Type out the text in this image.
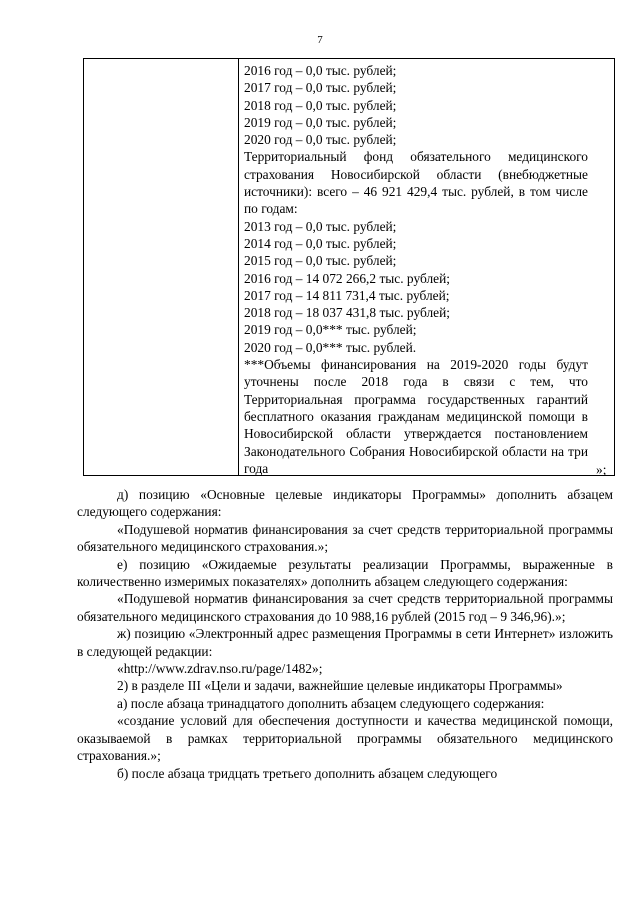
7

2016 год – 0,0 тыс. рублей;

2017 год – 0,0 тыс. рублей;

2018 год – 0,0 тыс. рублей;

2019 год – 0,0 тыс. рублей;

2020 год – 0,0 тыс. рублей;

Территориальный фонд обязательного медицинского страхования Новосибирской области (внебюджетные источники): всего – 46 921 429,4 тыс. рублей, в том числе по годам:

2013 год – 0,0 тыс. рублей;

2014 год – 0,0 тыс. рублей;

2015 год – 0,0 тыс. рублей;

2016 год – 14 072 266,2 тыс. рублей;

2017 год – 14 811 731,4 тыс. рублей;

2018 год – 18 037 431,8 тыс. рублей;

2019 год – 0,0*** тыс. рублей;

2020 год – 0,0*** тыс. рублей.

***Объемы финансирования на 2019-2020 годы будут уточнены после 2018 года в связи с тем, что Территориальная программа государственных гарантий бесплатного оказания гражданам медицинской помощи в Новосибирской области утверждается постановлением Законодательного Собрания Новосибирской области на три года	»;

д) позицию «Основные целевые индикаторы Программы» дополнить абзацем следующего содержания:

«Подушевой норматив финансирования за счет средств территориальной программы обязательного медицинского страхования.»;

е) позицию «Ожидаемые результаты реализации Программы, выраженные в количественно измеримых показателях» дополнить абзацем следующего содержания:

«Подушевой норматив финансирования за счет средств территориальной программы обязательного медицинского страхования до 10 988,16 рублей (2015 год – 9 346,96).»;

ж) позицию «Электронный адрес размещения Программы в сети Интернет» изложить в следующей редакции:

«http://www.zdrav.nso.ru/page/1482»;

2) в разделе III «Цели и задачи, важнейшие целевые индикаторы Программы»

а) после абзаца тринадцатого дополнить абзацем следующего содержания:

«создание условий для обеспечения доступности и качества медицинской помощи, оказываемой в рамках территориальной программы обязательного медицинского страхования.»;

б) после абзаца тридцать третьего дополнить абзацем следующего
